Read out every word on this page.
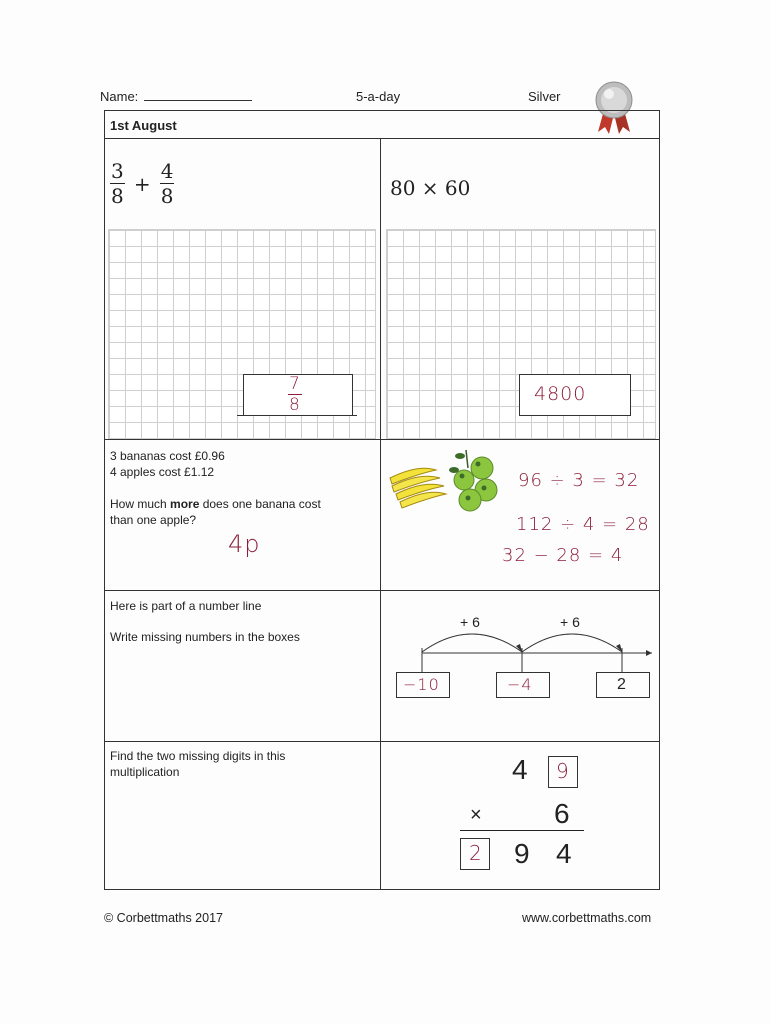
Name:	5-a-day	Silver
1st August
$\frac{3}{8} + \frac{4}{8}$
$\frac{7}{8}$
80 × 60
4800
3 bananas cost £0.96
4 apples cost £1.12
How much more does one banana cost
than one apple?
4p
96 ÷ 3 = 32
112 ÷ 4 = 28
32 − 28 = 4
Here is part of a number line
Write missing numbers in the boxes
+ 6	+ 6
−10	−4	2
Find the two missing digits in this
multiplication	4 9
×	6
2 9 4
© Corbettmaths 2017	www.corbettmaths.com
